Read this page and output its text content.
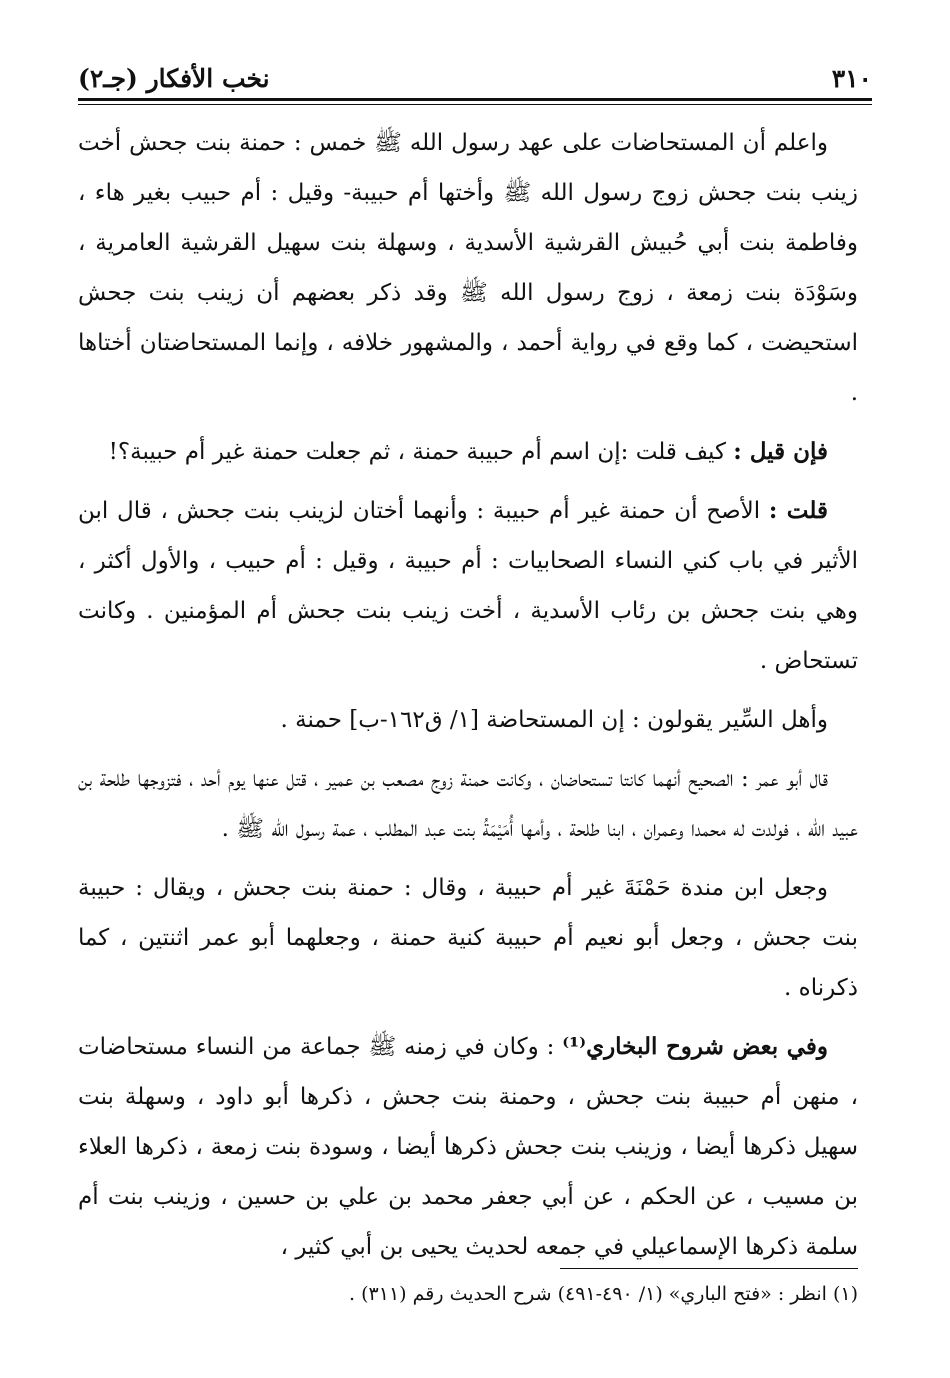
نخب الأفكار (جـ٢)	٣١٠

واعلم أن المستحاضات على عهد رسول الله ﷺ خمس : حمنة بنت جحش أخت زينب بنت جحش زوج رسول الله ﷺ وأختها أم حبيبة- وقيل : أم حبيب بغير هاء ، وفاطمة بنت أبي حُبيش القرشية الأسدية ، وسهلة بنت سهيل القرشية العامرية ، وسَوْدَة بنت زمعة ، زوج رسول الله ﷺ وقد ذكر بعضهم أن زينب بنت جحش استحيضت ، كما وقع في رواية أحمد ، والمشهور خلافه ، وإنما المستحاضتان أختاها .

فإن قيل : كيف قلت :إن اسم أم حبيبة حمنة ، ثم جعلت حمنة غير أم حبيبة؟!

قلت : الأصح أن حمنة غير أم حبيبة : وأنهما أختان لزينب بنت جحش ، قال ابن الأثير في باب كني النساء الصحابيات : أم حبيبة ، وقيل : أم حبيب ، والأول أكثر ، وهي بنت جحش بن رئاب الأسدية ، أخت زينب بنت جحش أم المؤمنين . وكانت تستحاض .

وأهل السِّير يقولون : إن المستحاضة [١/ ق١٦٢-ب] حمنة .

قال أبو عمر : الصحيح أنهما كانتا تستحاضان ، وكانت حمنة زوج مصعب بن عمير ، قتل عنها يوم أحد ، فتزوجها طلحة بن عبيد الله ، فولدت له محمدا وعمران ، ابنا طلحة ، وأمها أُمَيْمَةُ بنت عبد المطلب ، عمة رسول الله ﷺ .

وجعل ابن مندة حَمْنَةَ غير أم حبيبة ، وقال : حمنة بنت جحش ، ويقال : حبيبة بنت جحش ، وجعل أبو نعيم أم حبيبة كنية حمنة ، وجعلهما أبو عمر اثنتين ، كما ذكرناه .

وفي بعض شروح البخاري⁽¹⁾ : وكان في زمنه ﷺ جماعة من النساء مستحاضات ، منهن أم حبيبة بنت جحش ، وحمنة بنت جحش ، ذكرها أبو داود ، وسهلة بنت سهيل ذكرها أيضا ، وزينب بنت جحش ذكرها أيضا ، وسودة بنت زمعة ، ذكرها العلاء بن مسيب ، عن الحكم ، عن أبي جعفر محمد بن علي بن حسين ، وزينب بنت أم سلمة ذكرها الإسماعيلي في جمعه لحديث يحيى بن أبي كثير ،

(١) انظر : «فتح الباري» (١/ ٤٩٠-٤٩١) شرح الحديث رقم (٣١١) .
